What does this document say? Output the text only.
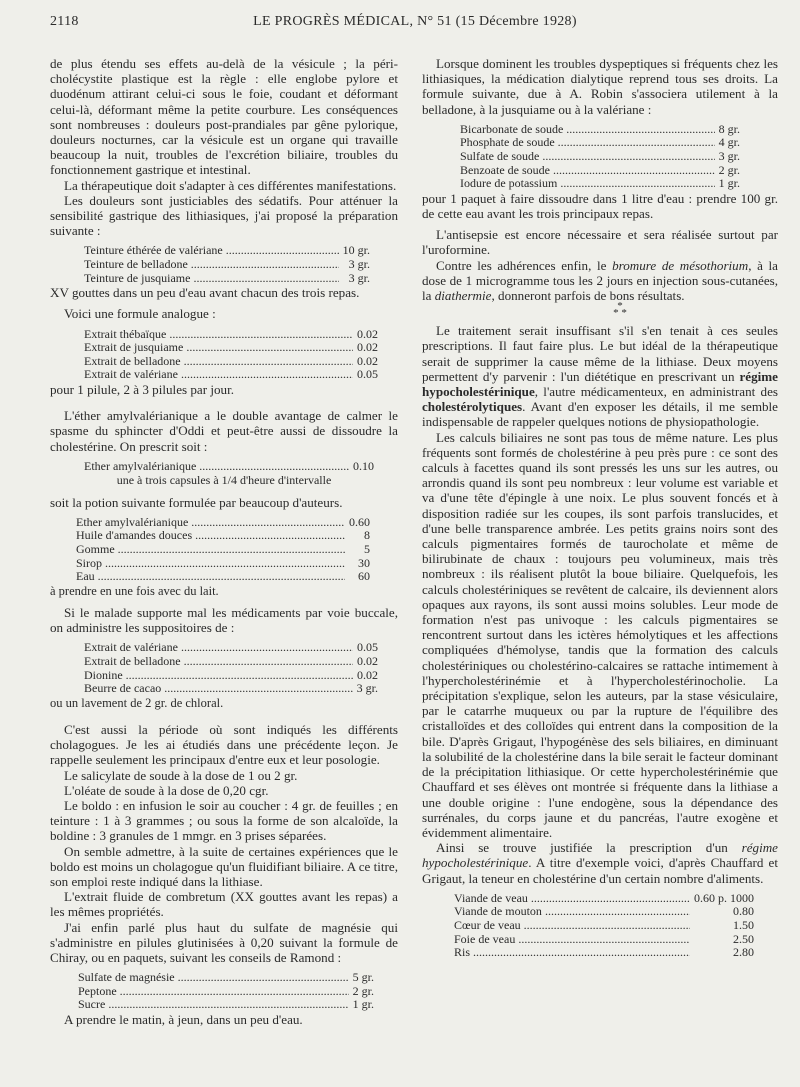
2118	LE PROGRÈS MÉDICAL, N° 51 (15 Décembre 1928)

de plus étendu ses effets au-delà de la vésicule ; la péri-cholécystite plastique est la règle : elle englobe pylore et duodénum attirant celui-ci sous le foie, coudant et déformant celui-là, déformant même la petite courbure. Les conséquences sont nombreuses : douleurs post-prandiales par gêne pylorique, douleurs nocturnes, car la vésicule est un organe qui travaille beaucoup la nuit, troubles de l'excrétion biliaire, troubles du fonctionnement gastrique et intestinal.

La thérapeutique doit s'adapter à ces différentes manifestations.

Les douleurs sont justiciables des sédatifs. Pour atténuer la sensibilité gastrique des lithiasiques, j'ai proposé la préparation suivante :

Teinture éthérée de valériane .....	10 gr.
Teinture de belladone .....	3 gr.
Teinture de jusquiame .....	3 gr.

XV gouttes dans un peu d'eau avant chacun des trois repas.

Voici une formule analogue :

Extrait thébaïque .....	0.02
Extrait de jusquiame .....	0.02
Extrait de belladone .....	0.02
Extrait de valériane .....	0.05

pour 1 pilule, 2 à 3 pilules par jour.

L'éther amylvalérianique a le double avantage de calmer le spasme du sphincter d'Oddi et peut-être aussi de dissoudre la cholestérine. On prescrit soit :

Ether amylvalérianique .....	0.10

une à trois capsules à 1/4 d'heure d'intervalle

soit la potion suivante formulée par beaucoup d'auteurs.

Ether amylvalérianique .....	0.60
Huile d'amandes douces .....	8
Gomme .....	5
Sirop .....	30
Eau .....	60

à prendre en une fois avec du lait.

Si le malade supporte mal les médicaments par voie buccale, on administre les suppositoires de :

Extrait de valériane .....	0.05
Extrait de belladone .....	0.02
Dionine .....	0.02
Beurre de cacao .....	3 gr.

ou un lavement de 2 gr. de chloral.

C'est aussi la période où sont indiqués les différents cholagogues. Je les ai étudiés dans une précédente leçon. Je rappelle seulement les principaux d'entre eux et leur posologie.

Le salicylate de soude à la dose de 1 ou 2 gr.

L'oléate de soude à la dose de 0,20 cgr.

Le boldo : en infusion le soir au coucher : 4 gr. de feuilles ; en teinture : 1 à 3 grammes ; ou sous la forme de son alcaloïde, la boldine : 3 granules de 1 mmgr. en 3 prises séparées.

On semble admettre, à la suite de certaines expériences que le boldo est moins un cholagogue qu'un fluidifiant biliaire. A ce titre, son emploi reste indiqué dans la lithiase.

L'extrait fluide de combretum (XX gouttes avant les repas) a les mêmes propriétés.

J'ai enfin parlé plus haut du sulfate de magnésie qui s'administre en pilules glutinisées à 0,20 suivant la formule de Chiray, ou en paquets, suivant les conseils de Ramond :

Sulfate de magnésie .....	5 gr.
Peptone .....	2 gr.
Sucre .....	1 gr.

A prendre le matin, à jeun, dans un peu d'eau.

Lorsque dominent les troubles dyspeptiques si fréquents chez les lithiasiques, la médication dialytique reprend tous ses droits. La formule suivante, due à A. Robin s'associera utilement à la belladone, à la jusquiame ou à la valériane :

Bicarbonate de soude .....	8 gr.
Phosphate de soude .....	4 gr.
Sulfate de soude .....	3 gr.
Benzoate de soude .....	2 gr.
Iodure de potassium .....	1 gr.

pour 1 paquet à faire dissoudre dans 1 litre d'eau : prendre 100 gr. de cette eau avant les trois principaux repas.

L'antisepsie est encore nécessaire et sera réalisée surtout par l'uroformine.

Contre les adhérences enfin, le bromure de mésothorium, à la dose de 1 microgramme tous les 2 jours en injection sous-cutanées, la diathermie, donneront parfois de bons résultats.

*
* *

Le traitement serait insuffisant s'il s'en tenait à ces seules prescriptions. Il faut faire plus. Le but idéal de la thérapeutique serait de supprimer la cause même de la lithiase. Deux moyens permettent d'y parvenir : l'un diététique en prescrivant un régime hypocholestérinique, l'autre médicamenteux, en administrant des cholestérolytiques. Avant d'en exposer les détails, il me semble indispensable de rappeler quelques notions de physiopathologie.

Les calculs biliaires ne sont pas tous de même nature. Les plus fréquents sont formés de cholestérine à peu près pure : ce sont des calculs à facettes quand ils sont pressés les uns sur les autres, ou arrondis quand ils sont peu nombreux : leur volume est variable et va d'une tête d'épingle à une noix. Le plus souvent foncés et à disposition radiée sur les coupes, ils sont parfois translucides, et d'une belle transparence ambrée. Les petits grains noirs sont des calculs pigmentaires formés de taurocholate et même de bilirubinate de chaux : toujours peu volumineux, mais très nombreux : ils réalisent plutôt la boue biliaire. Quelquefois, les calculs cholestériniques se revêtent de calcaire, ils deviennent alors opaques aux rayons, ils sont aussi moins solubles. Leur mode de formation n'est pas univoque : les calculs pigmentaires se rencontrent surtout dans les ictères hémolytiques et les affections compliquées d'hémolyse, tandis que la formation des calculs cholestériniques ou cholestérino-calcaires se rattache intimement à l'hypercholestérinémie et à l'hypercholestérinocholie. La précipitation s'explique, selon les auteurs, par la stase vésiculaire, par le catarrhe muqueux ou par la rupture de l'équilibre des cristalloïdes et des colloïdes qui entrent dans la composition de la bile. D'après Grigaut, l'hypogénèse des sels biliaires, en diminuant la solubilité de la cholestérine dans la bile serait le facteur dominant de la précipitation lithiasique. Or cette hypercholestérinémie que Chauffard et ses élèves ont montrée si fréquente dans la lithiase a une double origine : l'une endogène, sous la dépendance des surrénales, du corps jaune et du pancréas, l'autre exogène et évidemment alimentaire.

Ainsi se trouve justifiée la prescription d'un régime hypocholestérinique. A titre d'exemple voici, d'après Chauffard et Grigaut, la teneur en cholestérine d'un certain nombre d'aliments.

Viande de veau .....	0.60 p. 1000
Viande de mouton .....	0.80
Cœur de veau .....	1.50
Foie de veau .....	2.50
Ris .....	2.80
